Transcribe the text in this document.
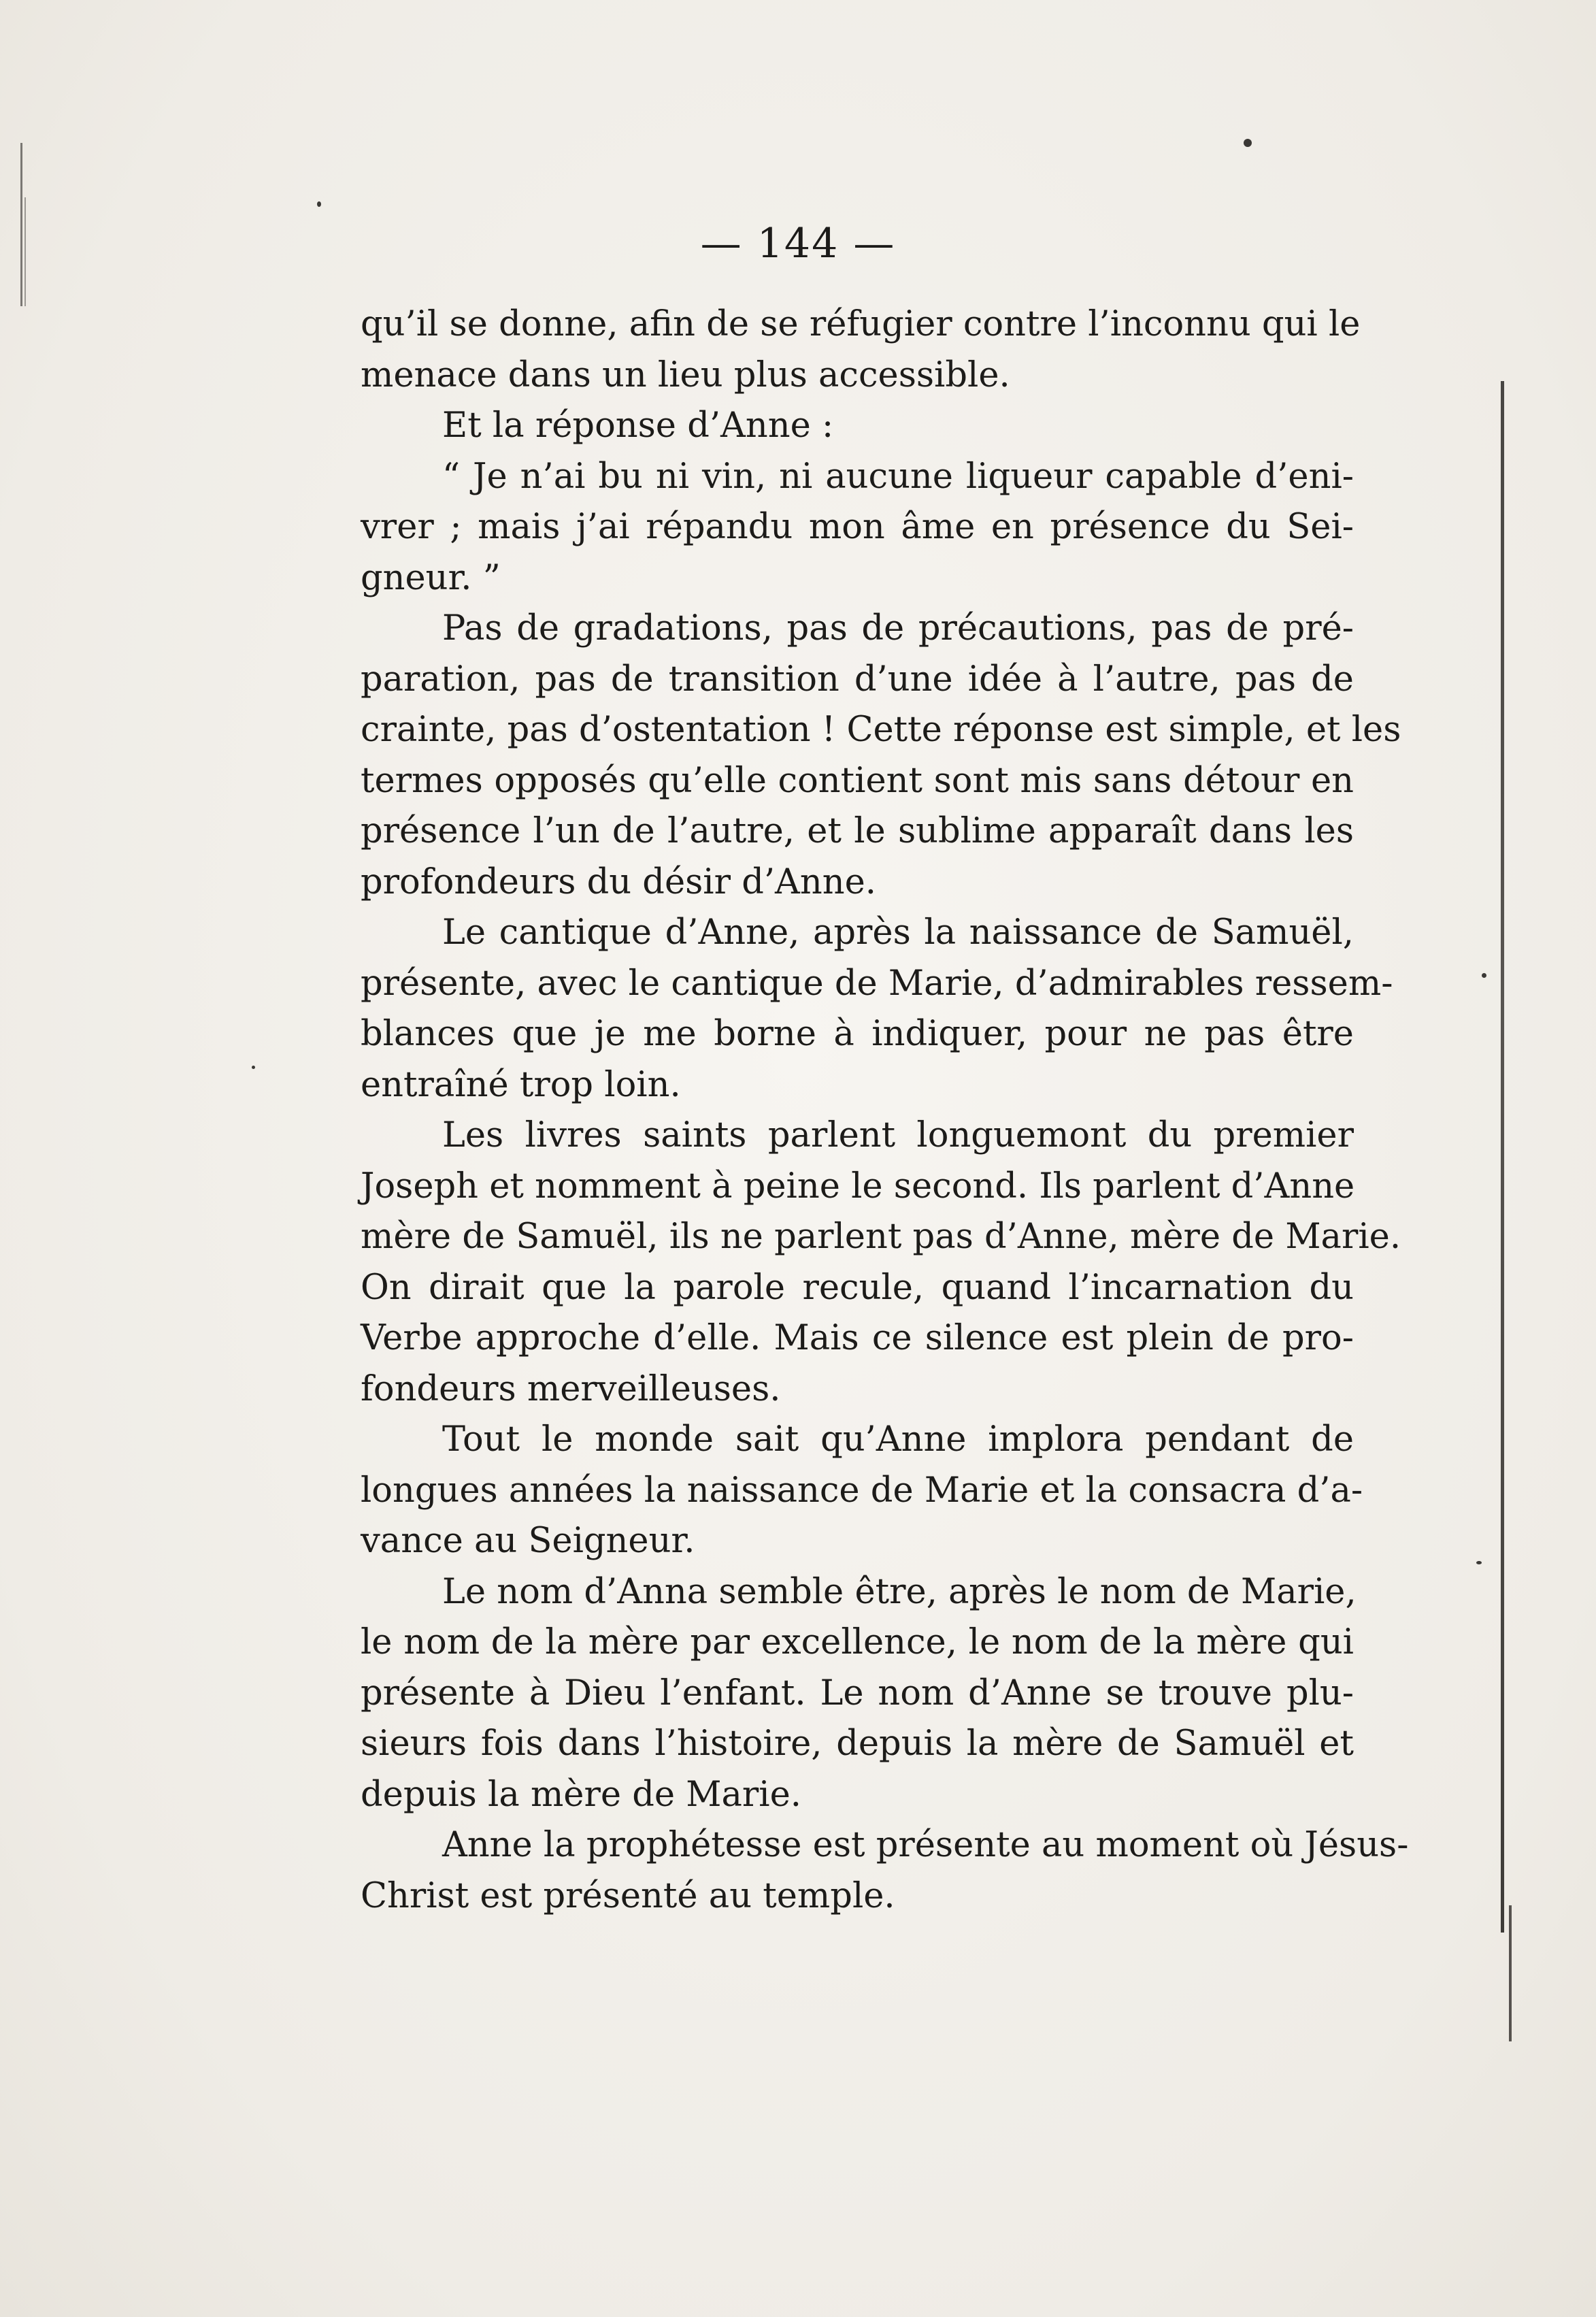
— 144 —
qu’il se donne, afin de se réfugier contre l’inconnu qui le
menace dans un lieu plus accessible.
Et la réponse d’Anne :
“ Je n’ai bu ni vin, ni aucune liqueur capable d’eni-
vrer ; mais j’ai répandu mon âme en présence du Sei-
gneur. ”
Pas de gradations, pas de précautions, pas de pré-
paration, pas de transition d’une idée à l’autre, pas de
crainte, pas d’ostentation ! Cette réponse est simple, et les
termes opposés qu’elle contient sont mis sans détour en
présence l’un de l’autre, et le sublime apparaît dans les
profondeurs du désir d’Anne.
Le cantique d’Anne, après la naissance de Samuël,
présente, avec le cantique de Marie, d’admirables ressem-
blances que je me borne à indiquer, pour ne pas être
entraîné trop loin.
Les livres saints parlent longuemont du premier
Joseph et nomment à peine le second. Ils parlent d’Anne
mère de Samuël, ils ne parlent pas d’Anne, mère de Marie.
On dirait que la parole recule, quand l’incarnation du
Verbe approche d’elle. Mais ce silence est plein de pro-
fondeurs merveilleuses.
Tout le monde sait qu’Anne implora pendant de
longues années la naissance de Marie et la consacra d’a-
vance au Seigneur.
Le nom d’Anna semble être, après le nom de Marie,
le nom de la mère par excellence, le nom de la mère qui
présente à Dieu l’enfant. Le nom d’Anne se trouve plu-
sieurs fois dans l’histoire, depuis la mère de Samuël et
depuis la mère de Marie.
Anne la prophétesse est présente au moment où Jésus-
Christ est présenté au temple.
